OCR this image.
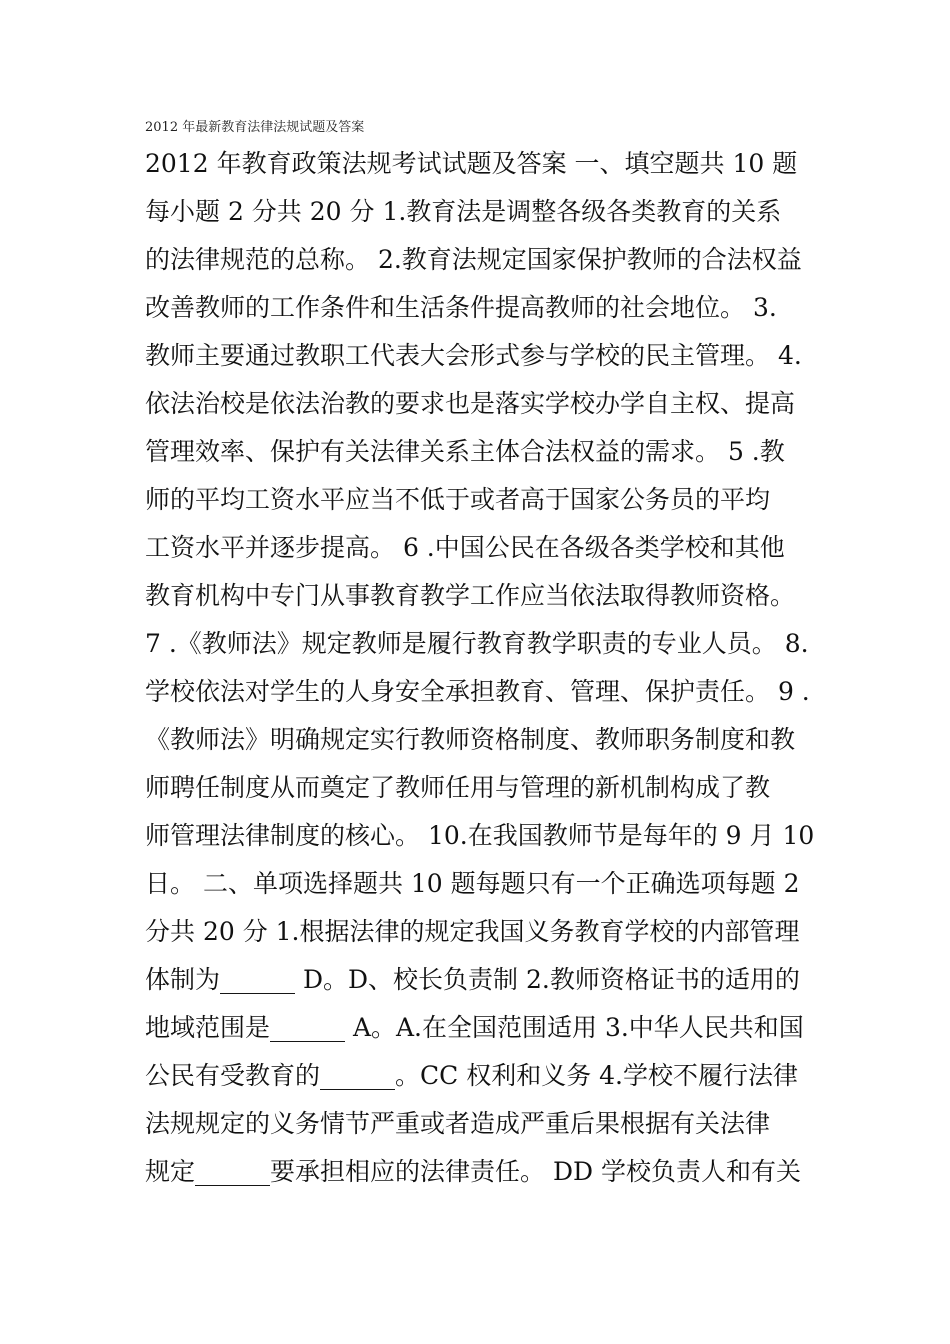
2012 年最新教育法律法规试题及答案
2012 年教育政策法规考试试题及答案 一、填空题共 10 题
每小题 2 分共 20 分 1.教育法是调整各级各类教育的关系
的法律规范的总称。 2.教育法规定国家保护教师的合法权益
改善教师的工作条件和生活条件提高教师的社会地位。 3.
教师主要通过教职工代表大会形式参与学校的民主管理。 4.
依法治校是依法治教的要求也是落实学校办学自主权、提高
管理效率、保护有关法律关系主体合法权益的需求。 5 .教
师的平均工资水平应当不低于或者高于国家公务员的平均
工资水平并逐步提高。 6 .中国公民在各级各类学校和其他
教育机构中专门从事教育教学工作应当依法取得教师资格。
7 .《教师法》规定教师是履行教育教学职责的专业人员。 8.
学校依法对学生的人身安全承担教育、管理、保护责任。 9 .
《教师法》明确规定实行教师资格制度、教师职务制度和教
师聘任制度从而奠定了教师任用与管理的新机制构成了教
师管理法律制度的核心。 10.在我国教师节是每年的 9 月 10
日。 二、单项选择题共 10 题每题只有一个正确选项每题 2
分共 20 分 1.根据法律的规定我国义务教育学校的内部管理
体制为______ D。D、校长负责制 2.教师资格证书的适用的
地域范围是______ A。A.在全国范围适用 3.中华人民共和国
公民有受教育的______。CC 权利和义务 4.学校不履行法律
法规规定的义务情节严重或者造成严重后果根据有关法律
规定______要承担相应的法律责任。 DD 学校负责人和有关
